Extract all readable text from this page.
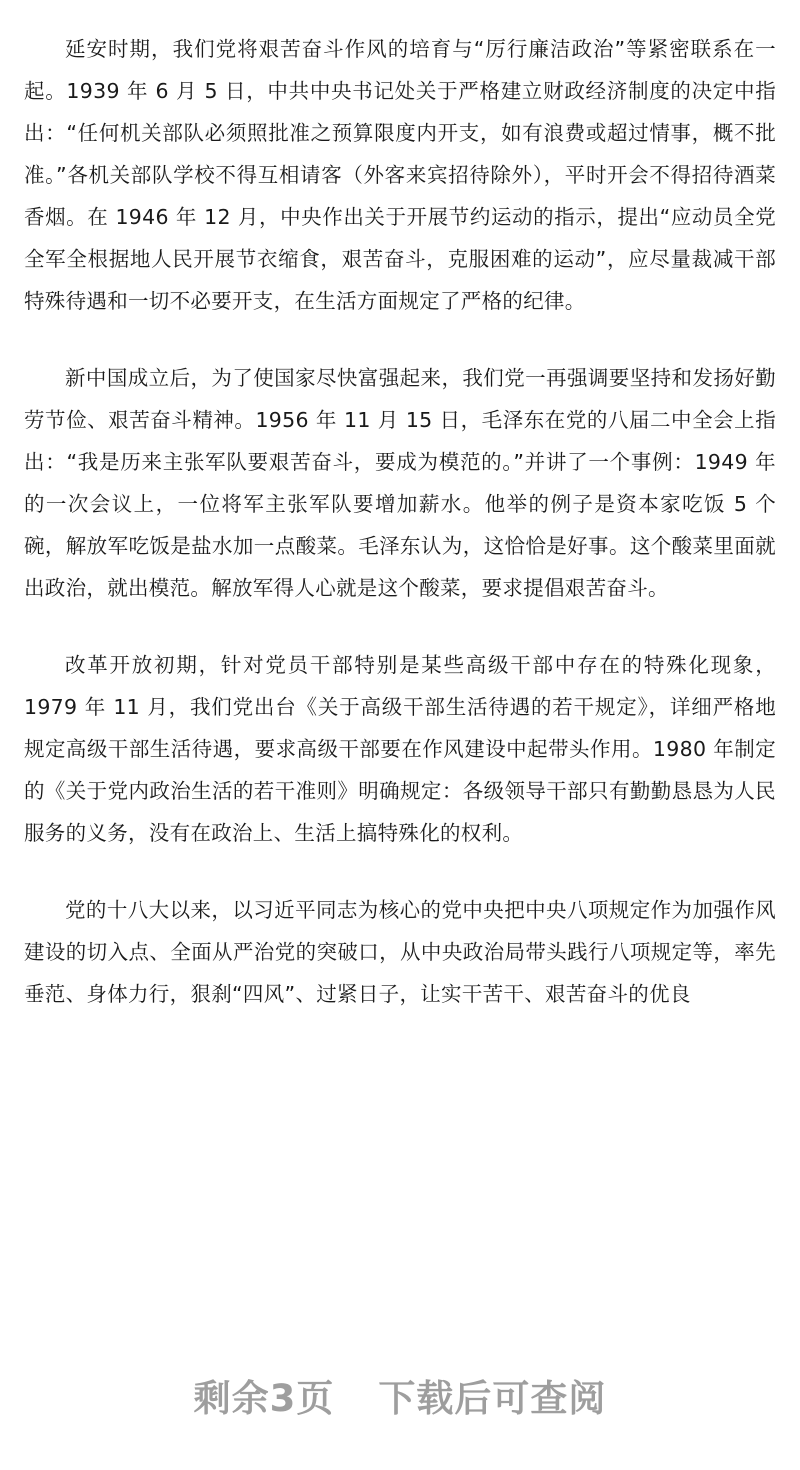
延安时期，我们党将艰苦奋斗作风的培育与“厉行廉洁政治”等紧密联系在一起。1939 年 6 月 5 日，中共中央书记处关于严格建立财政经济制度的决定中指出：“任何机关部队必须照批准之预算限度内开支，如有浪费或超过情事，概不批准。”各机关部队学校不得互相请客（外客来宾招待除外），平时开会不得招待酒菜香烟。在 1946 年 12 月，中央作出关于开展节约运动的指示，提出“应动员全党全军全根据地人民开展节衣缩食，艰苦奋斗，克服困难的运动”，应尽量裁减干部特殊待遇和一切不必要开支，在生活方面规定了严格的纪律。

新中国成立后，为了使国家尽快富强起来，我们党一再强调要坚持和发扬好勤劳节俭、艰苦奋斗精神。1956 年 11 月 15 日，毛泽东在党的八届二中全会上指出：“我是历来主张军队要艰苦奋斗，要成为模范的。”并讲了一个事例：1949 年的一次会议上，一位将军主张军队要增加薪水。他举的例子是资本家吃饭 5 个碗，解放军吃饭是盐水加一点酸菜。毛泽东认为，这恰恰是好事。这个酸菜里面就出政治，就出模范。解放军得人心就是这个酸菜，要求提倡艰苦奋斗。

改革开放初期，针对党员干部特别是某些高级干部中存在的特殊化现象，1979 年 11 月，我们党出台《关于高级干部生活待遇的若干规定》，详细严格地规定高级干部生活待遇，要求高级干部要在作风建设中起带头作用。1980 年制定的《关于党内政治生活的若干准则》明确规定：各级领导干部只有勤勤恳恳为人民服务的义务，没有在政治上、生活上搞特殊化的权利。

党的十八大以来，以习近平同志为核心的党中央把中央八项规定作为加强作风建设的切入点、全面从严治党的突破口，从中央政治局带头践行八项规定等，率先垂范、身体力行，狠刹“四风”、过紧日子，让实干苦干、艰苦奋斗的优良

剩余3页 下载后可查阅
